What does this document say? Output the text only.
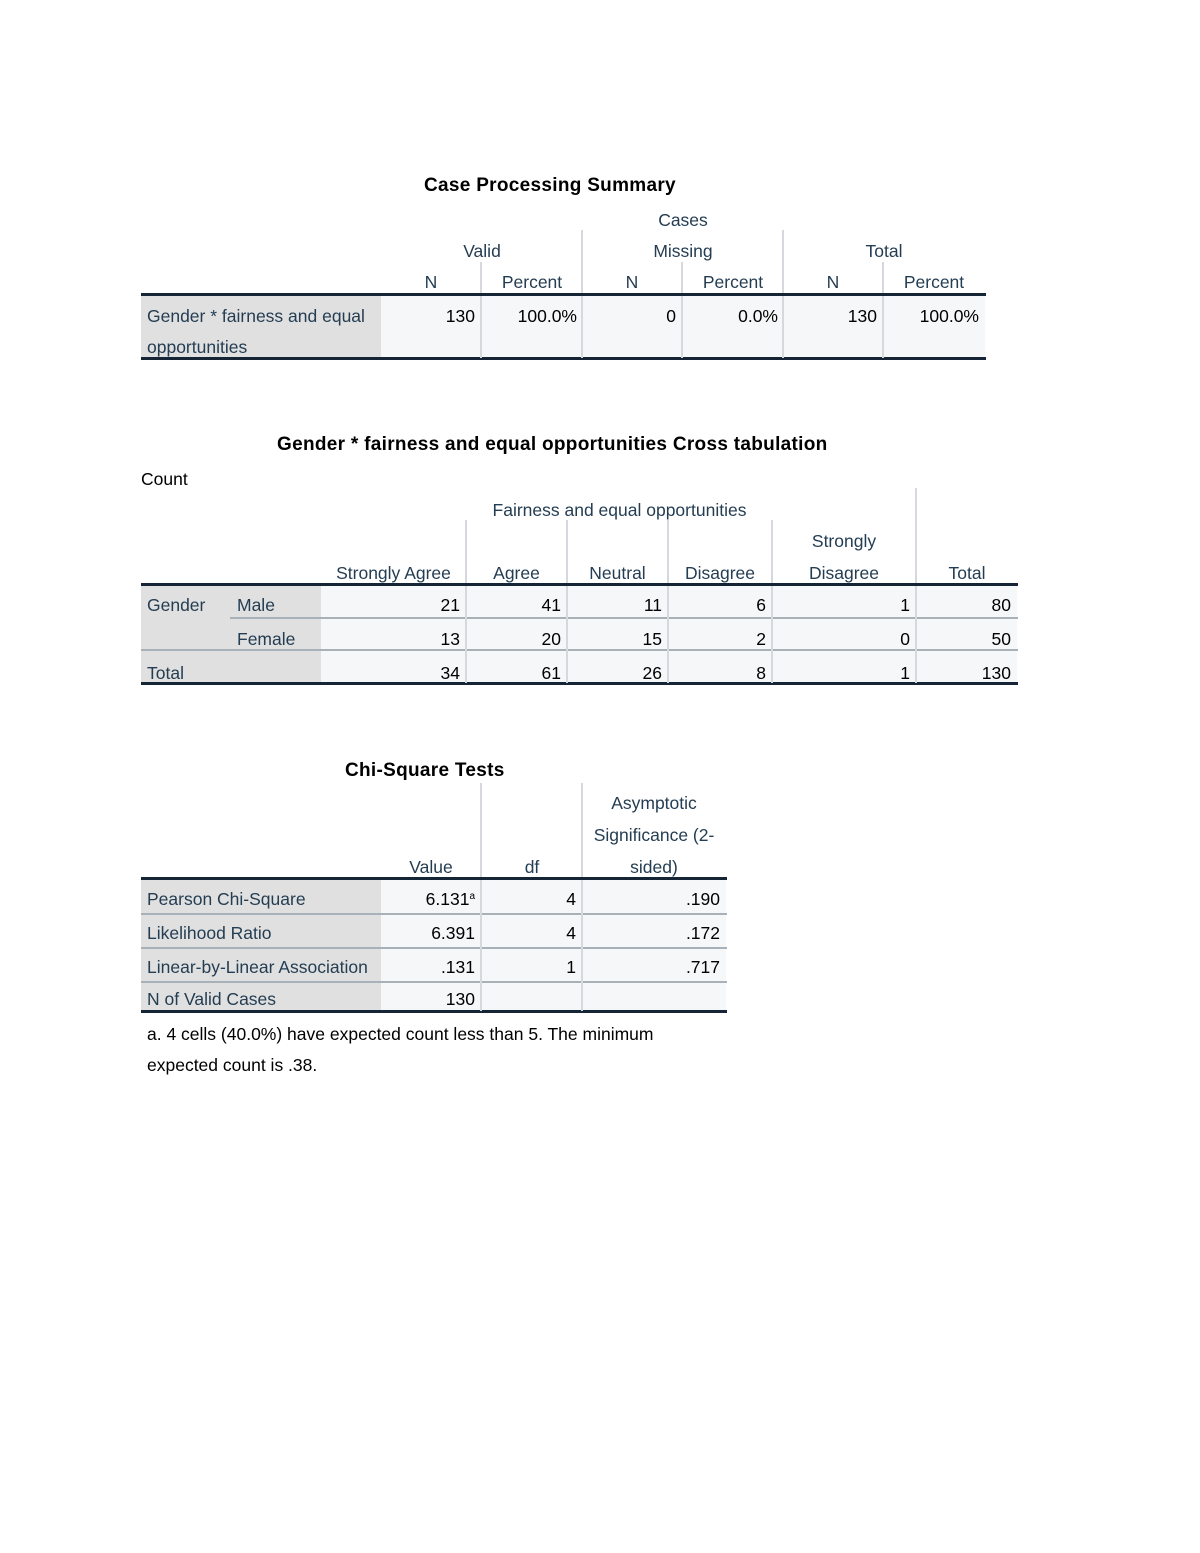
Case Processing Summary
Cases
Valid	Missing	Total
N	Percent	N	Percent	N	Percent
Gender * fairness and equal
opportunities
130	100.0%	0	0.0%	130	100.0%
Gender * fairness and equal opportunities Cross tabulation
Count
Fairness and equal opportunities
Strongly Agree	Agree	Neutral	Disagree
Strongly
Disagree	Total
Gender Male	21	41	11	6	1	80
Female	13	20	15	2	0	50
Total	34	61	26	8	1	130
Chi-Square Tests
Value	df
Asymptotic
Significance (2-
sided)
Pearson Chi-Square	6.131$^a$	4	.190
Likelihood Ratio	6.391	4	.172
Linear-by-Linear Association	.131	1	.717
N of Valid Cases	130
a. 4 cells (40.0%) have expected count less than 5. The minimum
expected count is .38.
